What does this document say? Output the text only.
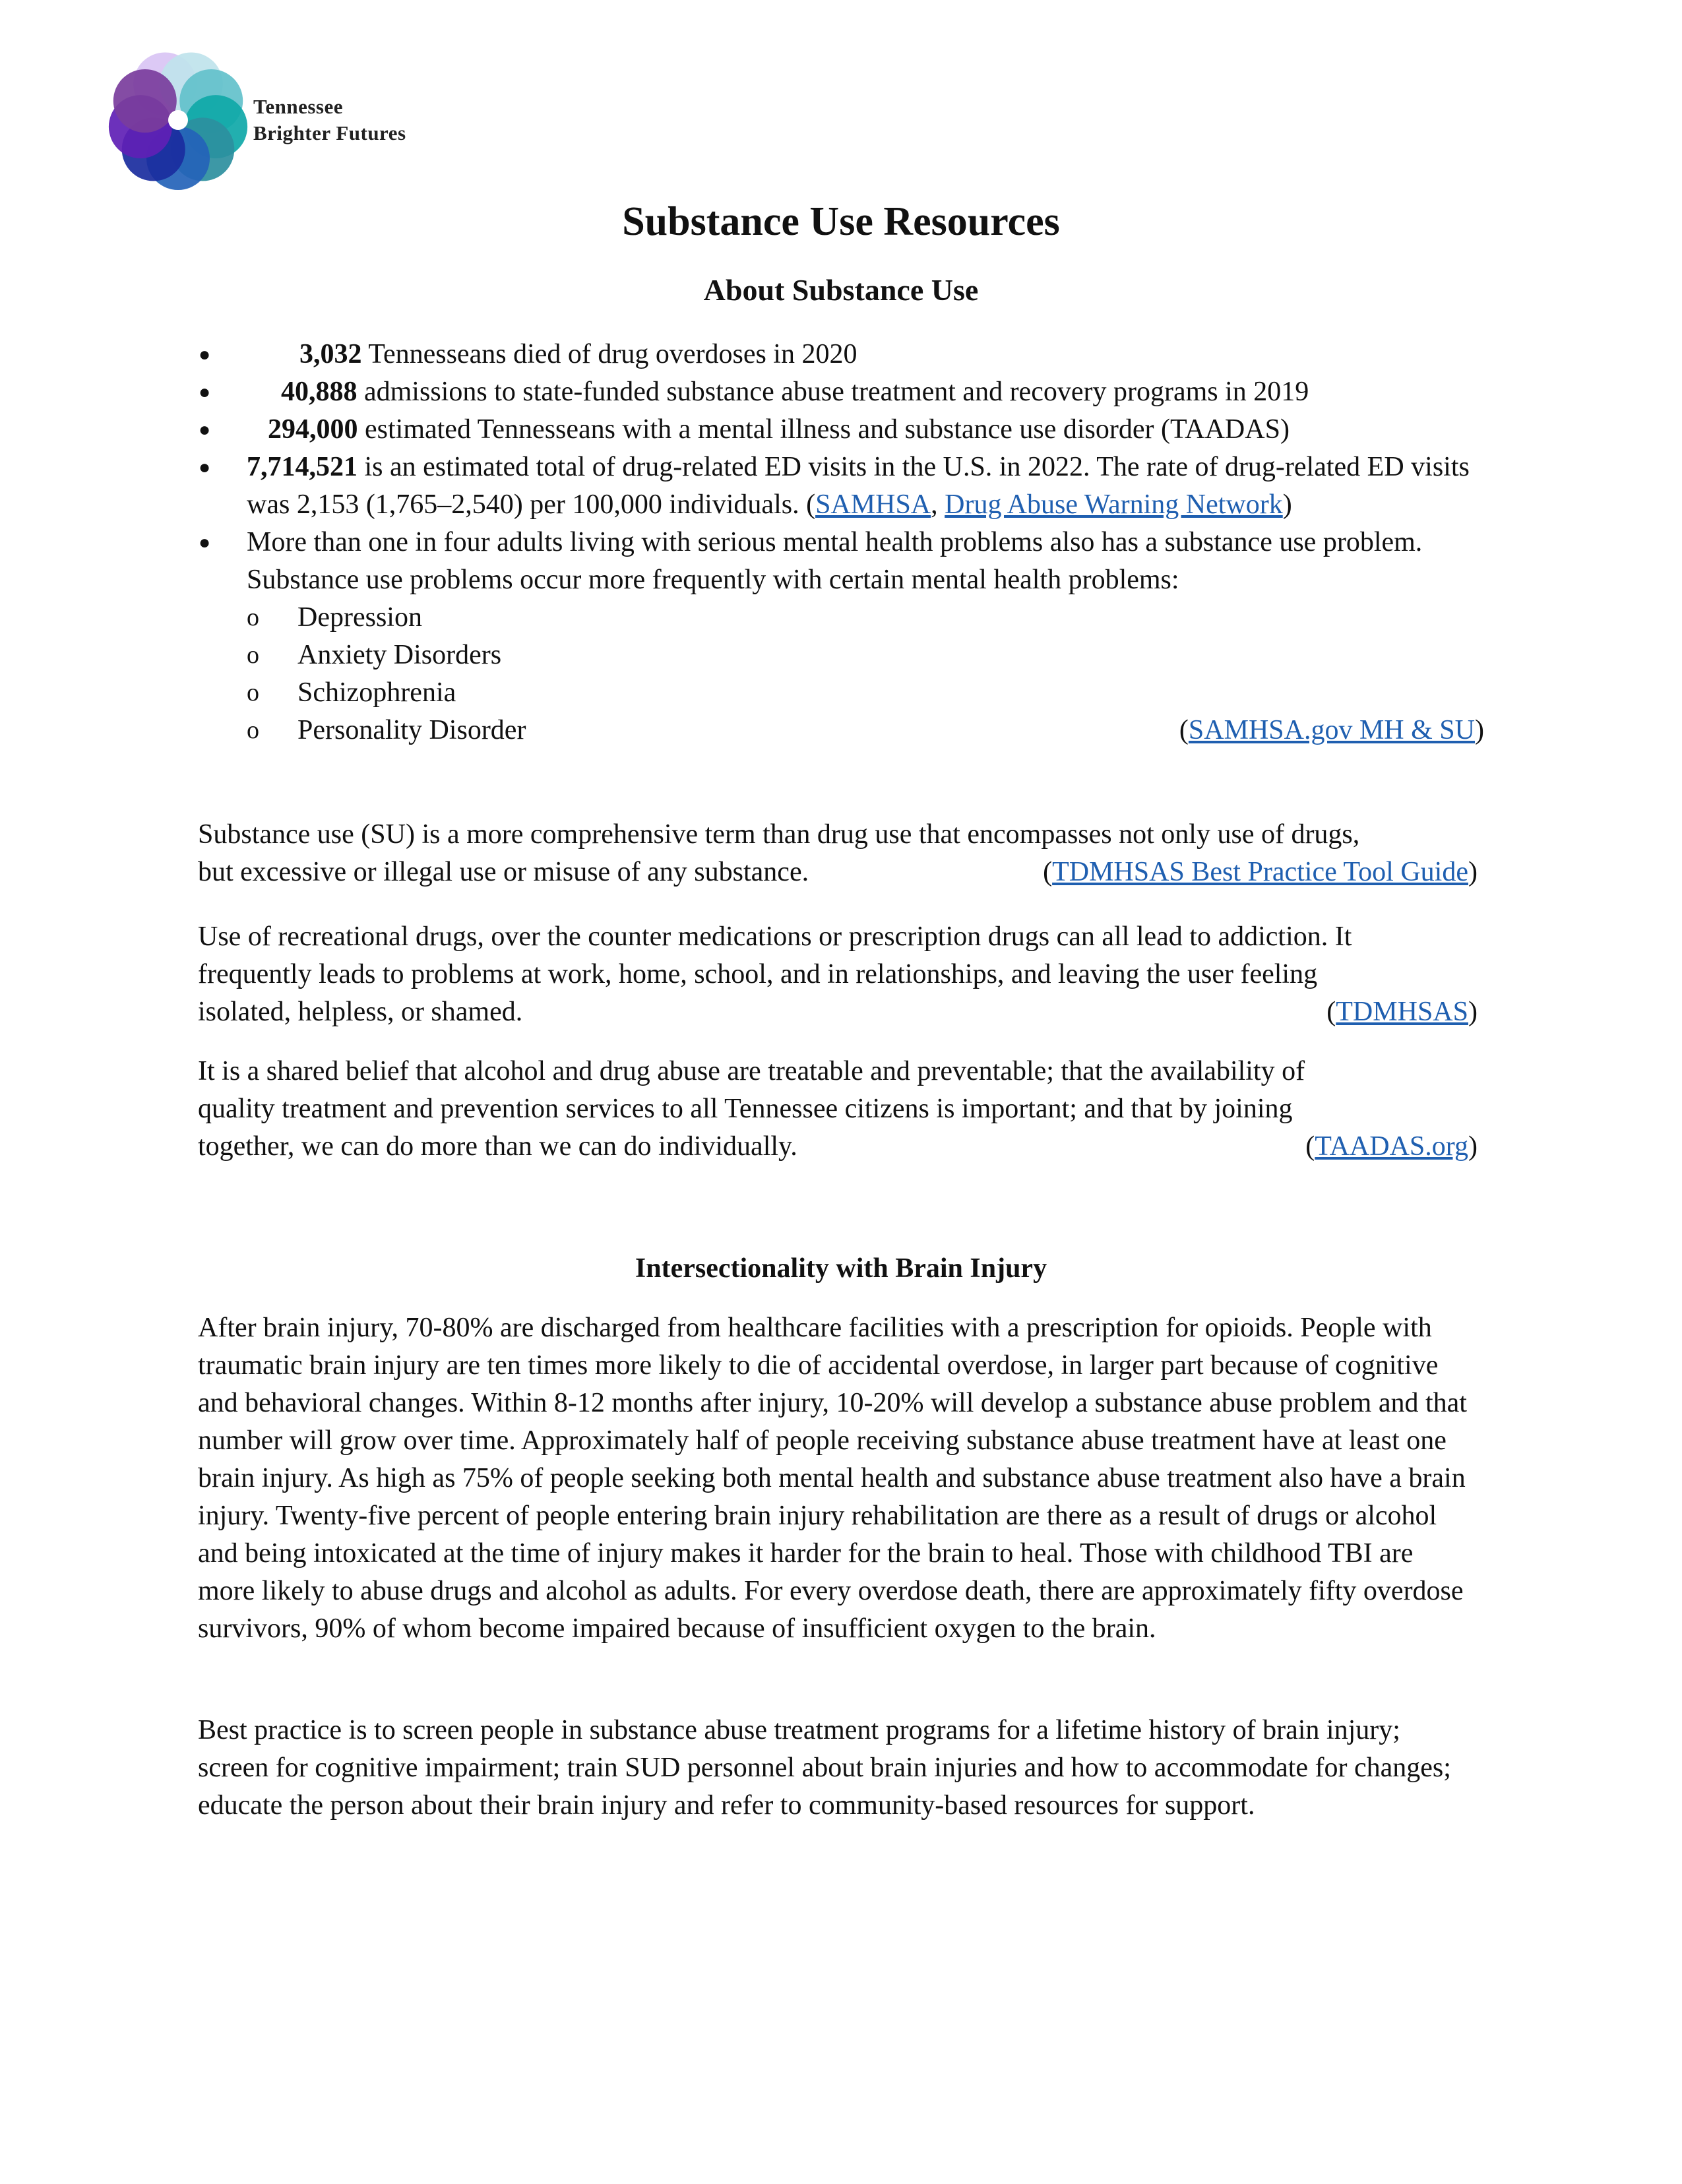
Tennessee
Brighter Futures
Substance Use Resources
About Substance Use
●	3,032 Tennesseans died of drug overdoses in 2020
●	40,888 admissions to state-funded substance abuse treatment and recovery programs in 2019
● 294,000 estimated Tennesseans with a mental illness and substance use disorder (TAADAS)
● 7,714,521 is an estimated total of drug-related ED visits in the U.S. in 2022. The rate of drug-related ED visits was 2,153 (1,765–2,540) per 100,000 individuals. (SAMHSA, Drug Abuse Warning Network)
● More than one in four adults living with serious mental health problems also has a substance use problem. Substance use problems occur more frequently with certain mental health problems:
o Depression
o Anxiety Disorders
o Schizophrenia
o Personality Disorder	(SAMHSA.gov MH & SU)
Substance use (SU) is a more comprehensive term than drug use that encompasses not only use of drugs,
but excessive or illegal use or misuse of any substance.	(TDMHSAS Best Practice Tool Guide)
Use of recreational drugs, over the counter medications or prescription drugs can all lead to addiction. It
frequently leads to problems at work, home, school, and in relationships, and leaving the user feeling
isolated, helpless, or shamed.	(TDMHSAS)
It is a shared belief that alcohol and drug abuse are treatable and preventable; that the availability of
quality treatment and prevention services to all Tennessee citizens is important; and that by joining
together, we can do more than we can do individually.	(TAADAS.org)
Intersectionality with Brain Injury

After brain injury, 70-80% are discharged from healthcare facilities with a prescription for opioids. People with traumatic brain injury are ten times more likely to die of accidental overdose, in larger part because of cognitive and behavioral changes. Within 8-12 months after injury, 10-20% will develop a substance abuse problem and that number will grow over time. Approximately half of people receiving substance abuse treatment have at least one brain injury. As high as 75% of people seeking both mental health and substance abuse treatment also have a brain injury. Twenty-five percent of people entering brain injury rehabilitation are there as a result of drugs or alcohol and being intoxicated at the time of injury makes it harder for the brain to heal. Those with childhood TBI are more likely to abuse drugs and alcohol as adults. For every overdose death, there are approximately fifty overdose survivors, 90% of whom become impaired because of insufficient oxygen to the brain.

Best practice is to screen people in substance abuse treatment programs for a lifetime history of brain injury; screen for cognitive impairment; train SUD personnel about brain injuries and how to accommodate for changes; educate the person about their brain injury and refer to community-based resources for support.
